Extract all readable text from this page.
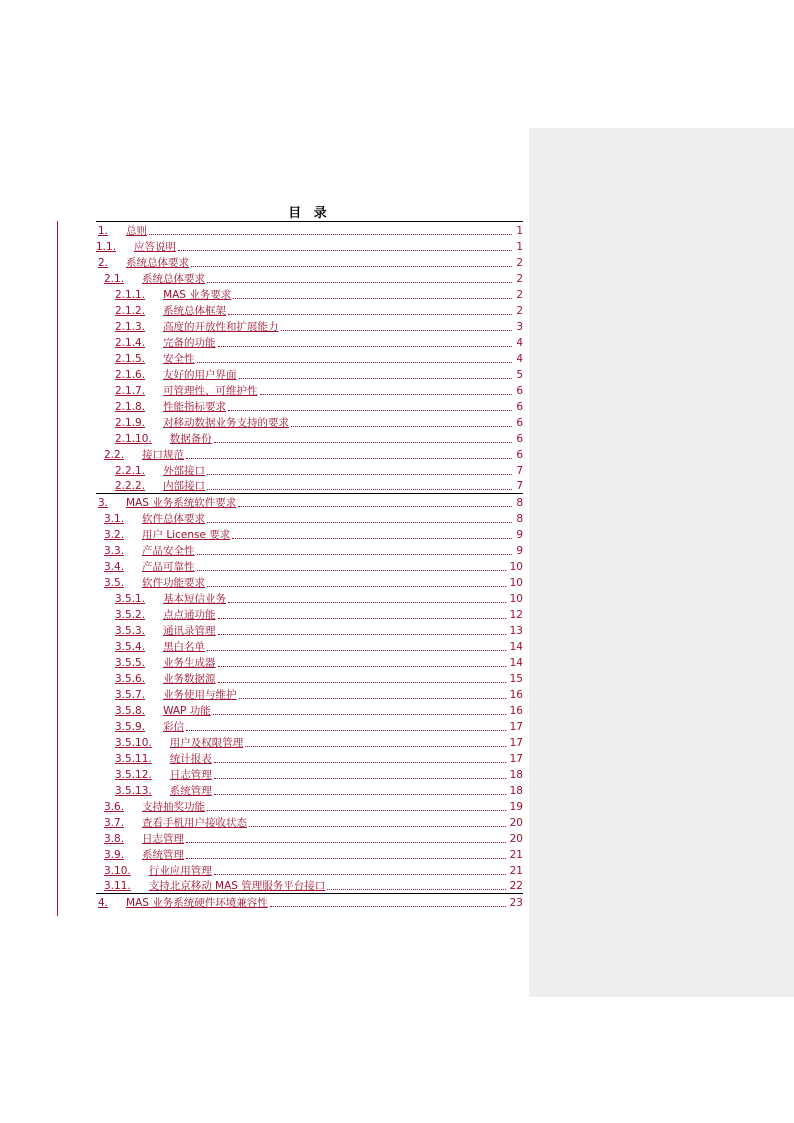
目 录
1. 总则	1
1.1. 应答说明	1
2. 系统总体要求	2
2.1. 系统总体要求	2
2.1.1. MAS 业务要求	2
2.1.2. 系统总体框架	2
2.1.3. 高度的开放性和扩展能力	3
2.1.4. 完备的功能	4
2.1.5. 安全性	4
2.1.6. 友好的用户界面	5
2.1.7. 可管理性、可维护性	6
2.1.8. 性能指标要求	6
2.1.9. 对移动数据业务支持的要求	6
2.1.10. 数据备份	6
2.2. 接口规范	6
2.2.1. 外部接口	7
2.2.2. 内部接口	7
3. MAS 业务系统软件要求	8
3.1. 软件总体要求	8
3.2. 用户 License 要求	9
3.3. 产品安全性	9
3.4. 产品可靠性	10
3.5. 软件功能要求	10
3.5.1. 基本短信业务	10
3.5.2. 点点通功能	12
3.5.3. 通讯录管理	13
3.5.4. 黑白名单	14
3.5.5. 业务生成器	14
3.5.6. 业务数据源	15
3.5.7. 业务使用与维护	16
3.5.8. WAP 功能	16
3.5.9. 彩信	17
3.5.10. 用户及权限管理	17
3.5.11. 统计报表	17
3.5.12. 日志管理	18
3.5.13. 系统管理	18
3.6. 支持抽奖功能	19
3.7. 查看手机用户接收状态	20
3.8. 日志管理	20
3.9. 系统管理	21
3.10. 行业应用管理	21
3.11. 支持北京移动 MAS 管理服务平台接口	22
4. MAS 业务系统硬件环境兼容性	23
